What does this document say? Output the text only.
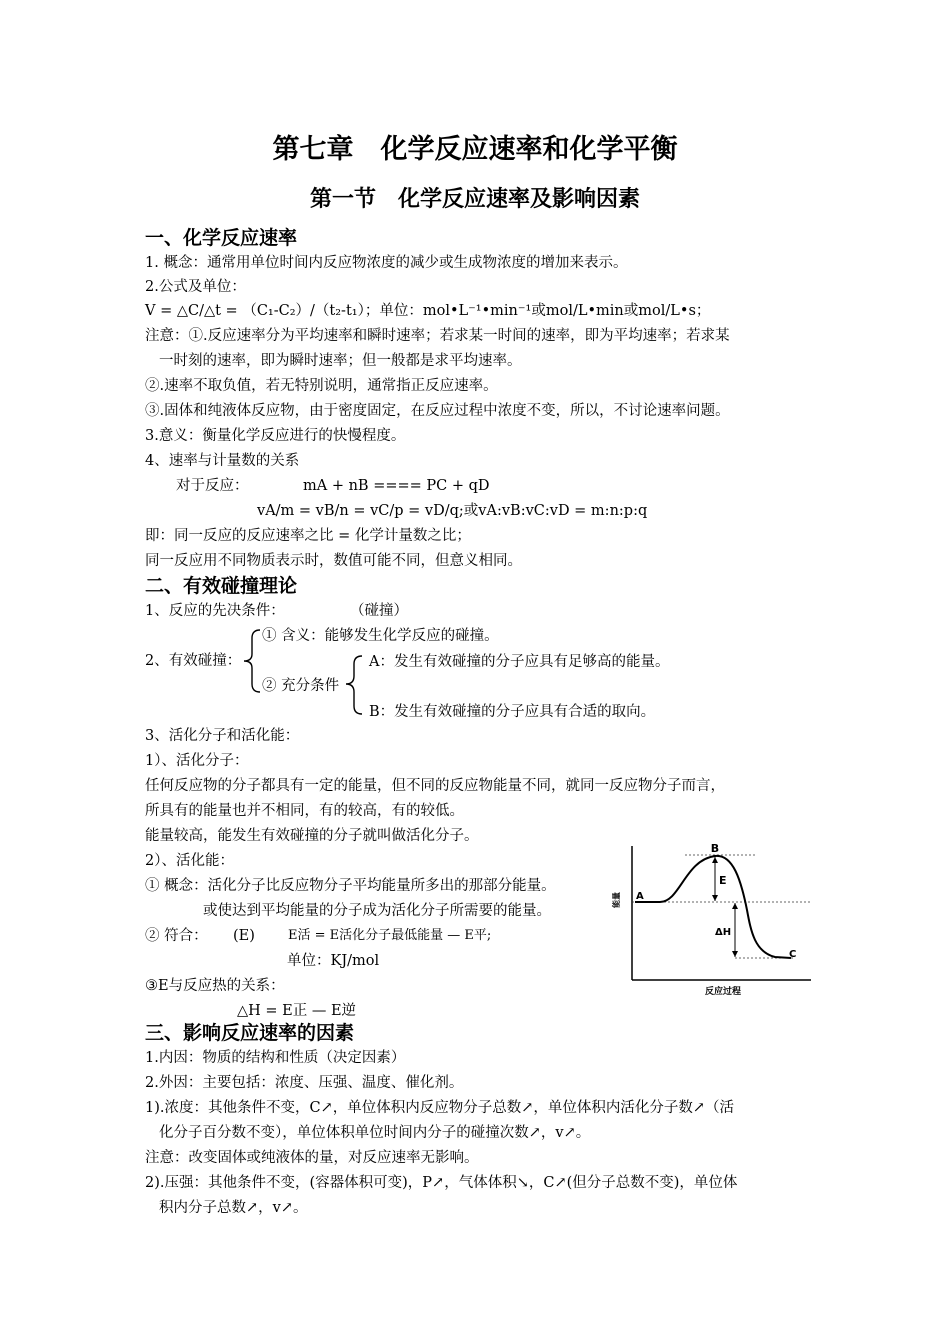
第七章　化学反应速率和化学平衡
第一节　化学反应速率及影响因素
一、化学反应速率
1. 概念：通常用单位时间内反应物浓度的减少或生成物浓度的增加来表示。
2.公式及单位：
V = △C/△t = （C₁-C₂）/（t₂-t₁）；单位：mol•L⁻¹•min⁻¹或mol/L•min或mol/L•s；
注意：①.反应速率分为平均速率和瞬时速率；若求某一时间的速率，即为平均速率；若求某
一时刻的速率，即为瞬时速率；但一般都是求平均速率。
②.速率不取负值，若无特别说明，通常指正反应速率。
③.固体和纯液体反应物，由于密度固定，在反应过程中浓度不变，所以，不讨论速率问题。
3.意义：衡量化学反应进行的快慢程度。
4、速率与计量数的关系
对于反应：	mA + nB ==== PC + qD
vA/m = vB/n = vC/p = vD/q;或vA:vB:vC:vD = m:n:p:q
即：同一反应的反应速率之比 = 化学计量数之比；
同一反应用不同物质表示时，数值可能不同，但意义相同。
二、有效碰撞理论
1、反应的先决条件：	（碰撞）
2、有效碰撞：
① 含义：能够发生化学反应的碰撞。
② 充分条件
A：发生有效碰撞的分子应具有足够高的能量。
B：发生有效碰撞的分子应具有合适的取向。
3、活化分子和活化能：
1）、活化分子：
任何反应物的分子都具有一定的能量，但不同的反应物能量不同，就同一反应物分子而言，
所具有的能量也并不相同，有的较高，有的较低。
能量较高，能发生有效碰撞的分子就叫做活化分子。
2）、活化能：
① 概念：活化分子比反应物分子平均能量所多出的那部分能量。
或使达到平均能量的分子成为活化分子所需要的能量。
② 符合： (E)	E活 = E活化分子最低能量 — E平;
单位：KJ/mol
③E与反应热的关系：
△H = E正 — E逆
B
A
E
ΔH
C
能量
反应过程
三、影响反应速率的因素
1.内因：物质的结构和性质（决定因素）
2.外因：主要包括：浓度、压强、温度、催化剂。
1).浓度：其他条件不变，C↗，单位体积内反应物分子总数↗，单位体积内活化分子数↗（活
化分子百分数不变），单位体积单位时间内分子的碰撞次数↗，v↗。
注意：改变固体或纯液体的量，对反应速率无影响。
2).压强：其他条件不变，(容器体积可变)，P↗，气体体积↘，C↗(但分子总数不变)，单位体
积内分子总数↗，v↗。
